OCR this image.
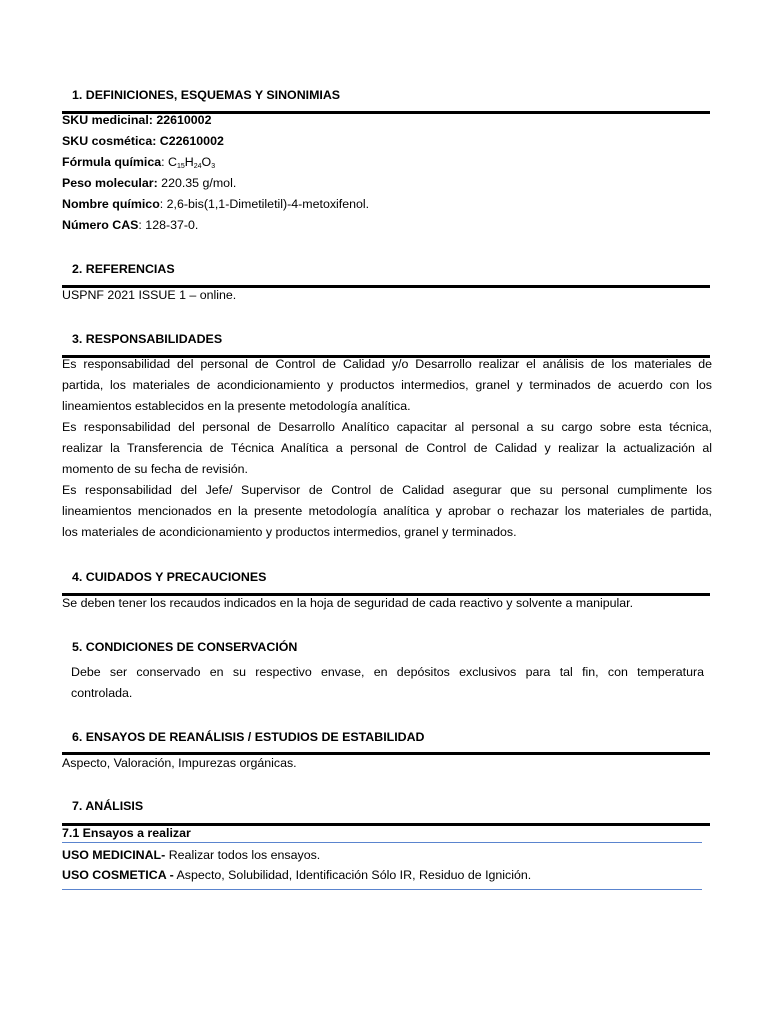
1. DEFINICIONES, ESQUEMAS Y SINONIMIAS
SKU medicinal: 22610002
SKU cosmética: C22610002
Fórmula química: $C_{15}H_{24}O_3$
Peso molecular: 220.35 g/mol.
Nombre químico: 2,6-bis(1,1-Dimetiletil)-4-metoxifenol.
Número CAS: 128-37-0.
2. REFERENCIAS
USPNF 2021 ISSUE 1 – online.
3. RESPONSABILIDADES
Es responsabilidad del personal de Control de Calidad y/o Desarrollo realizar el análisis de los materiales de
partida, los materiales de acondicionamiento y productos intermedios, granel y terminados de acuerdo con los
lineamientos establecidos en la presente metodología analítica.
Es responsabilidad del personal de Desarrollo Analítico capacitar al personal a su cargo sobre esta técnica,
realizar la Transferencia de Técnica Analítica a personal de Control de Calidad y realizar la actualización al
momento de su fecha de revisión.
Es responsabilidad del Jefe/ Supervisor de Control de Calidad asegurar que su personal cumplimente los
lineamientos mencionados en la presente metodología analítica y aprobar o rechazar los materiales de partida,
los materiales de acondicionamiento y productos intermedios, granel y terminados.
4. CUIDADOS Y PRECAUCIONES
Se deben tener los recaudos indicados en la hoja de seguridad de cada reactivo y solvente a manipular.
5. CONDICIONES DE CONSERVACIÓN
Debe ser conservado en su respectivo envase, en depósitos exclusivos para tal fin, con temperatura
controlada.
6. ENSAYOS DE REANÁLISIS / ESTUDIOS DE ESTABILIDAD
Aspecto, Valoración, Impurezas orgánicas.
7. ANÁLISIS
7.1 Ensayos a realizar
USO MEDICINAL- Realizar todos los ensayos.
USO COSMETICA - Aspecto, Solubilidad, Identificación Sólo IR, Residuo de Ignición.
